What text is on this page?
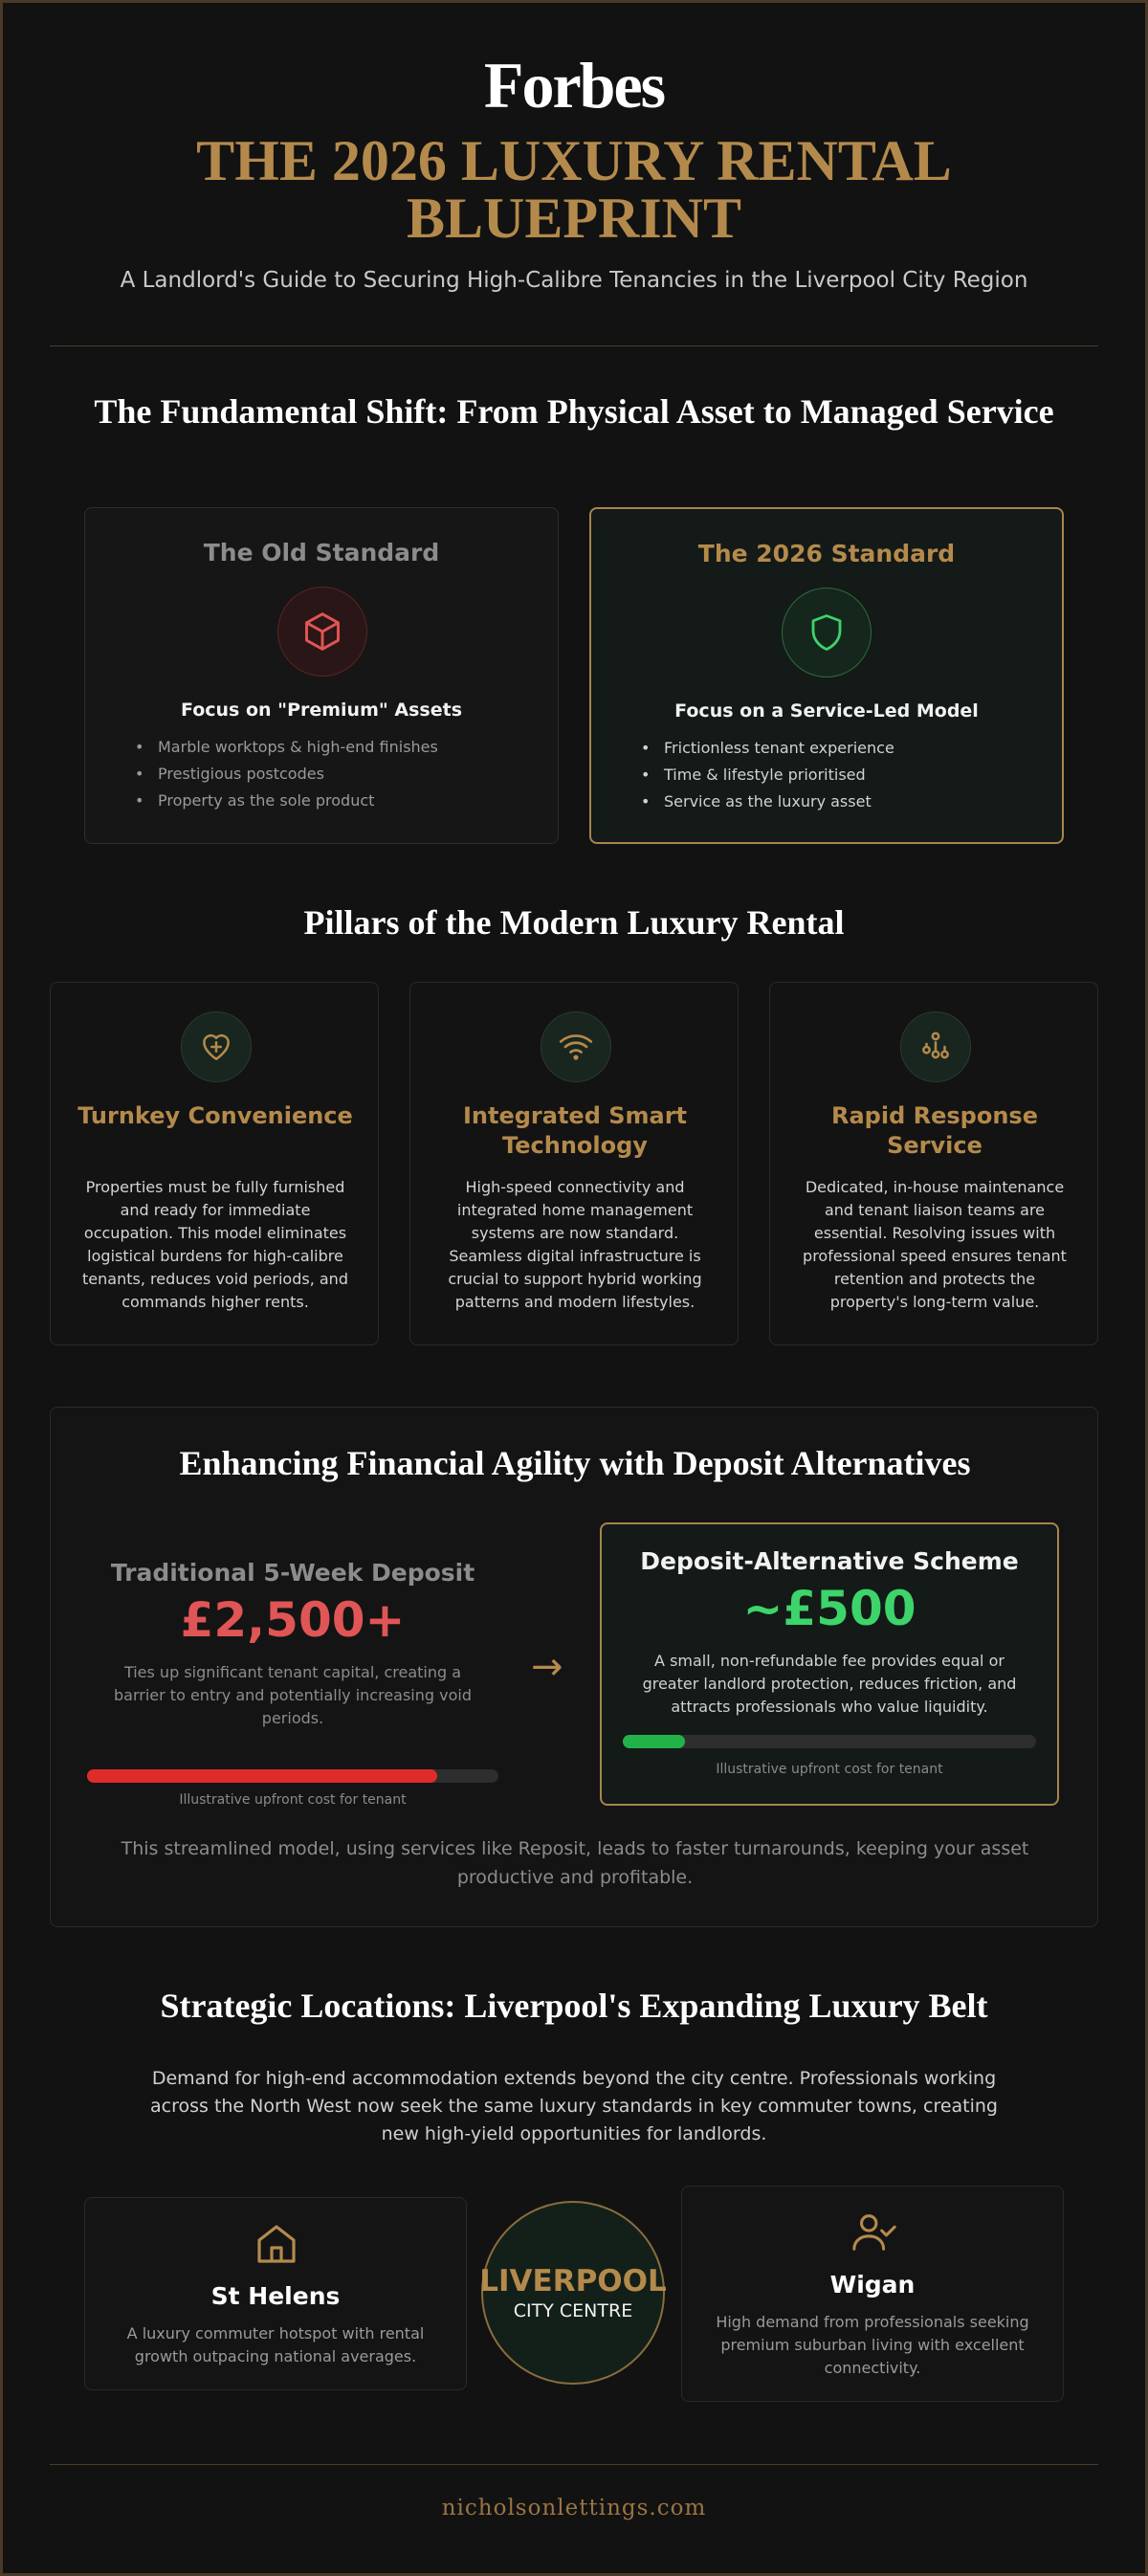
Forbes
THE 2026 LUXURY RENTAL BLUEPRINT
A Landlord's Guide to Securing High-Calibre Tenancies in the Liverpool City Region
The Fundamental Shift: From Physical Asset to Managed Service
The Old Standard
Focus on "Premium" Assets
• Marble worktops & high-end finishes
• Prestigious postcodes
• Property as the sole product
The 2026 Standard
Focus on a Service-Led Model
• Frictionless tenant experience
• Time & lifestyle prioritised
• Service as the luxury asset
Pillars of the Modern Luxury Rental
Turnkey Convenience
Properties must be fully furnished and ready for immediate occupation. This model eliminates logistical burdens for high-calibre tenants, reduces void periods, and commands higher rents.
Integrated Smart Technology
High-speed connectivity and integrated home management systems are now standard. Seamless digital infrastructure is crucial to support hybrid working patterns and modern lifestyles.
Rapid Response Service
Dedicated, in-house maintenance and tenant liaison teams are essential. Resolving issues with professional speed ensures tenant retention and protects the property's long-term value.
Enhancing Financial Agility with Deposit Alternatives
Traditional 5-Week Deposit
£2,500+
Ties up significant tenant capital, creating a barrier to entry and potentially increasing void periods.
Illustrative upfront cost for tenant
→
Deposit-Alternative Scheme
~£500
A small, non-refundable fee provides equal or greater landlord protection, reduces friction, and attracts professionals who value liquidity.
Illustrative upfront cost for tenant
This streamlined model, using services like Reposit, leads to faster turnarounds, keeping your asset productive and profitable.
Strategic Locations: Liverpool's Expanding Luxury Belt
Demand for high-end accommodation extends beyond the city centre. Professionals working across the North West now seek the same luxury standards in key commuter towns, creating new high-yield opportunities for landlords.
St Helens
A luxury commuter hotspot with rental growth outpacing national averages.
LIVERPOOL
CITY CENTRE
Wigan
High demand from professionals seeking premium suburban living with excellent connectivity.
nicholsonlettings.com
